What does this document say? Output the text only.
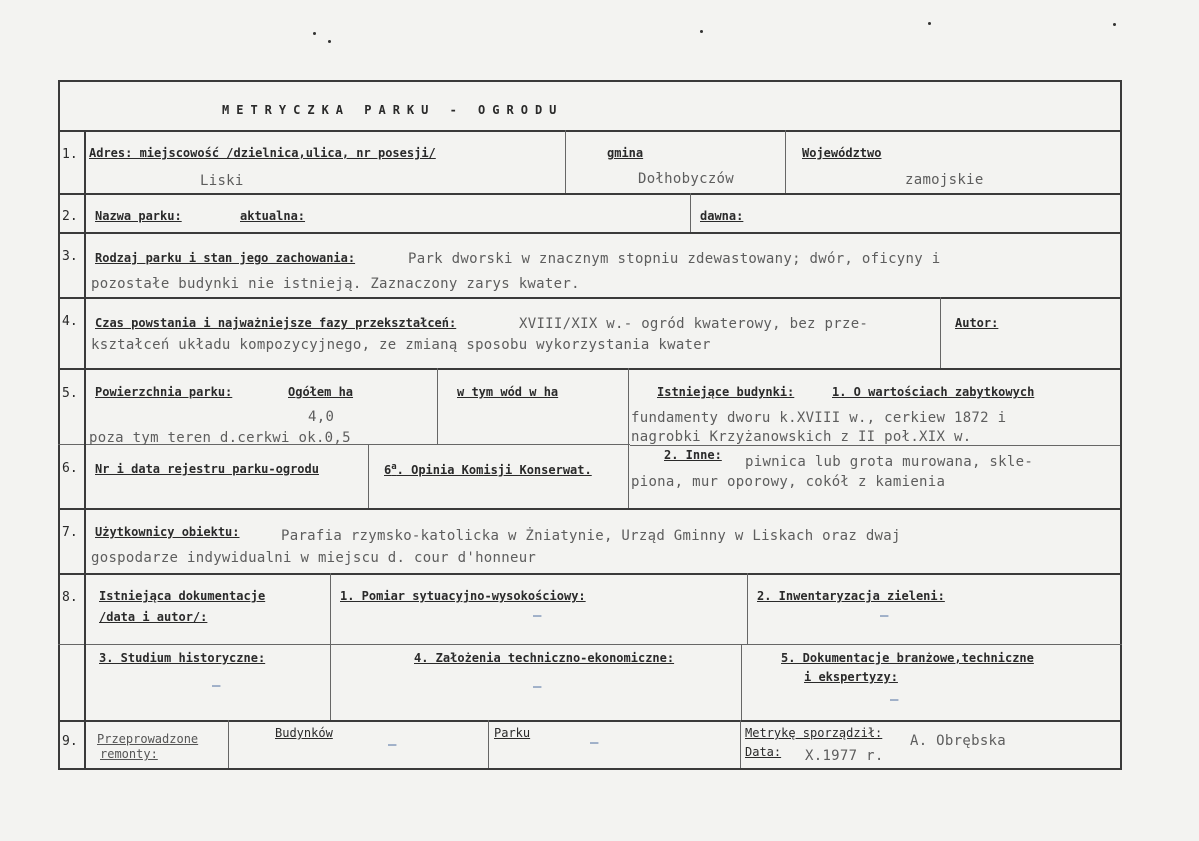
METRYCZKA PARKU - OGRODU
1. Adres: miejscowość /dzielnica,ulica, nr posesji/
Liski
gmina
Dołhobyczów
Województwo
zamojskie
2. Nazwa parku:	aktualna:	dawna:
3. Rodzaj parku i stan jego zachowania:	Park dworski w znacznym stopniu zdewastowany; dwór, oficyny i
pozostałe budynki nie istnieją. Zaznaczony zarys kwater.
4. Czas powstania i najważniejsze fazy przekształceń:	XVIII/XIX w.- ogród kwaterowy, bez prze-
kształceń układu kompozycyjnego, ze zmianą sposobu wykorzystania kwater
Autor:
5. Powierzchnia parku:	Ogółem ha
4,0
poza tym teren d.cerkwi ok.0,5
w tym wód w ha	Istniejące budynki:	1. O wartościach zabytkowych
fundamenty dworu k.XVIII w., cerkiew 1872 i
nagrobki Krzyżanowskich z II poł.XIX w.
6. Nr i data rejestru parku-ogrodu	6$^a$. Opinia Komisji Konserwat.
2. Inne: piwnica lub grota murowana, skle-
piona, mur oporowy, cokół z kamienia
7. Użytkownicy obiektu:	Parafia rzymsko-katolicka w Żniatynie, Urząd Gminny w Liskach oraz dwaj
gospodarze indywidualni w miejscu d. cour d'honneur
8. Istniejąca dokumentacje
/data i autor/:
1. Pomiar sytuacyjno-wysokościowy:
—
2. Inwentaryzacja zieleni:
—
3. Studium historyczne:
—
4. Założenia techniczno-ekonomiczne:
—
5. Dokumentacje branżowe,techniczne
i ekspertyzy:
—
9. Przeprowadzone
remonty:
Budynków
—
Parku
—
Metrykę sporządził: A. Obrębska
Data: X.1977 r.
